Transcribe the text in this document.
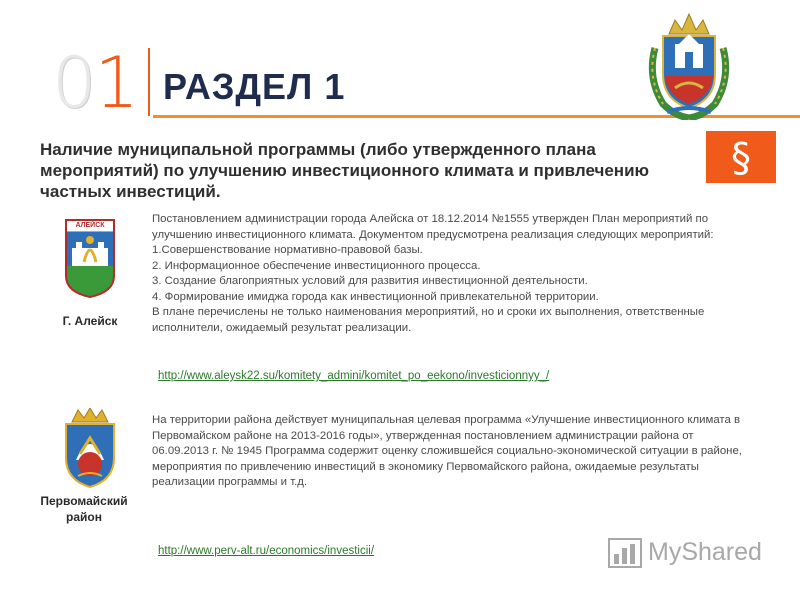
01 РАЗДЕЛ 1
§
Наличие муниципальной программы (либо утвержденного плана мероприятий) по улучшению инвестиционного климата и привлечению частных инвестиций.
АЛЕЙСК
Г. Алейск

Постановлением администрации города Алейска от 18.12.2014 №1555 утвержден План мероприятий по улучшению инвестиционного климата. Документом предусмотрена реализация следующих мероприятий:

1.Совершенствование нормативно-правовой базы.

2. Информационное обеспечение инвестиционного процесса.

3. Создание благоприятных условий для развития инвестиционной деятельности.

4. Формирование имиджа города как инвестиционной привлекательной территории.

В плане перечислены не только наименования мероприятий, но и сроки их выполнения, ответственные исполнители, ожидаемый результат реализации.

http://www.aleysk22.su/komitety_admini/komitet_po_eekono/investicionnyy_/
Первомайский район

На территории района действует муниципальная целевая программа «Улучшение инвестиционного климата в Первомайском районе на 2013-2016 годы», утвержденная постановлением администрации района от 06.09.2013 г. № 1945 Программа содержит оценку сложившейся социально-экономической ситуации в районе, мероприятия по привлечению инвестиций в экономику Первомайского района, ожидаемые результаты реализации программы и т.д.

http://www.perv-alt.ru/economics/investicii/	MyShared
